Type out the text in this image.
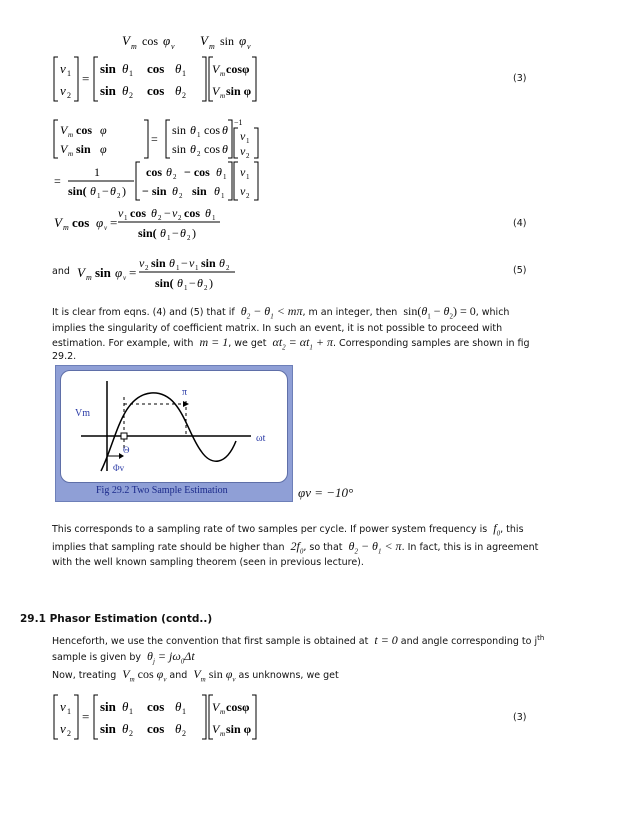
V m cos φ v V m sin φ v
v 1
v 2
=
sin θ 1 cos θ 1
sin θ 2 cos θ 2
V m cosφ
V m sin φ
(3)
V m cos φ
V m sin φ
=
sin θ 1 cos θ
sin θ 2 cos θ
−1
v 1
v 2
=
1
sin( θ 1 − θ 2 )
cos θ 2 − cos θ 1
− sin θ 2 sin θ 1
v 1
v 2
V m cos φ v =
v 1 cos θ 2 − v 2 cos θ 1
sin( θ 1 − θ 2 )
(4)
and V m sin φ v =
v 2 sin θ 1 − v 1 sin θ 2
sin( θ 1 − θ 2 )
(5)
It is clear from eqns. (4) and (5) that if  $\theta_2 - \theta_1 < m\pi$, m an integer, then  $\sin(\theta_1 - \theta_2) = 0$, which
implies the singularity of coefficient matrix. In such an event, it is not possible to proceed with
estimation. For example, with  m = 1, we get  $\alpha t_2 = \alpha t_1 + \pi$. Corresponding samples are shown in fig
29.2.
Vm
π
Θ
Φv
ωt
Fig 29.2 Two Sample Estimation	φv = −10°
This corresponds to a sampling rate of two samples per cycle. If power system frequency is  $f_0$, this
implies that sampling rate should be higher than  $2f_0$, so that  $\theta_2 - \theta_1 < \pi$. In fact, this is in agreement
with the well known sampling theorem (seen in previous lecture).
29.1 Phasor Estimation (contd..)
Henceforth, we use the convention that first sample is obtained at  t = 0 and angle corresponding to $j^{th}$
sample is given by  $\theta_j = j\omega_0\Delta t$
Now, treating $V_m$ $\cos \varphi_v$ and $V_m$ $\sin \varphi_v$ as unknowns, we get
v 1
v 2
=
sin θ 1 cos θ 1
sin θ 2 cos θ 2
V m cosφ
V m sin φ
(3)
